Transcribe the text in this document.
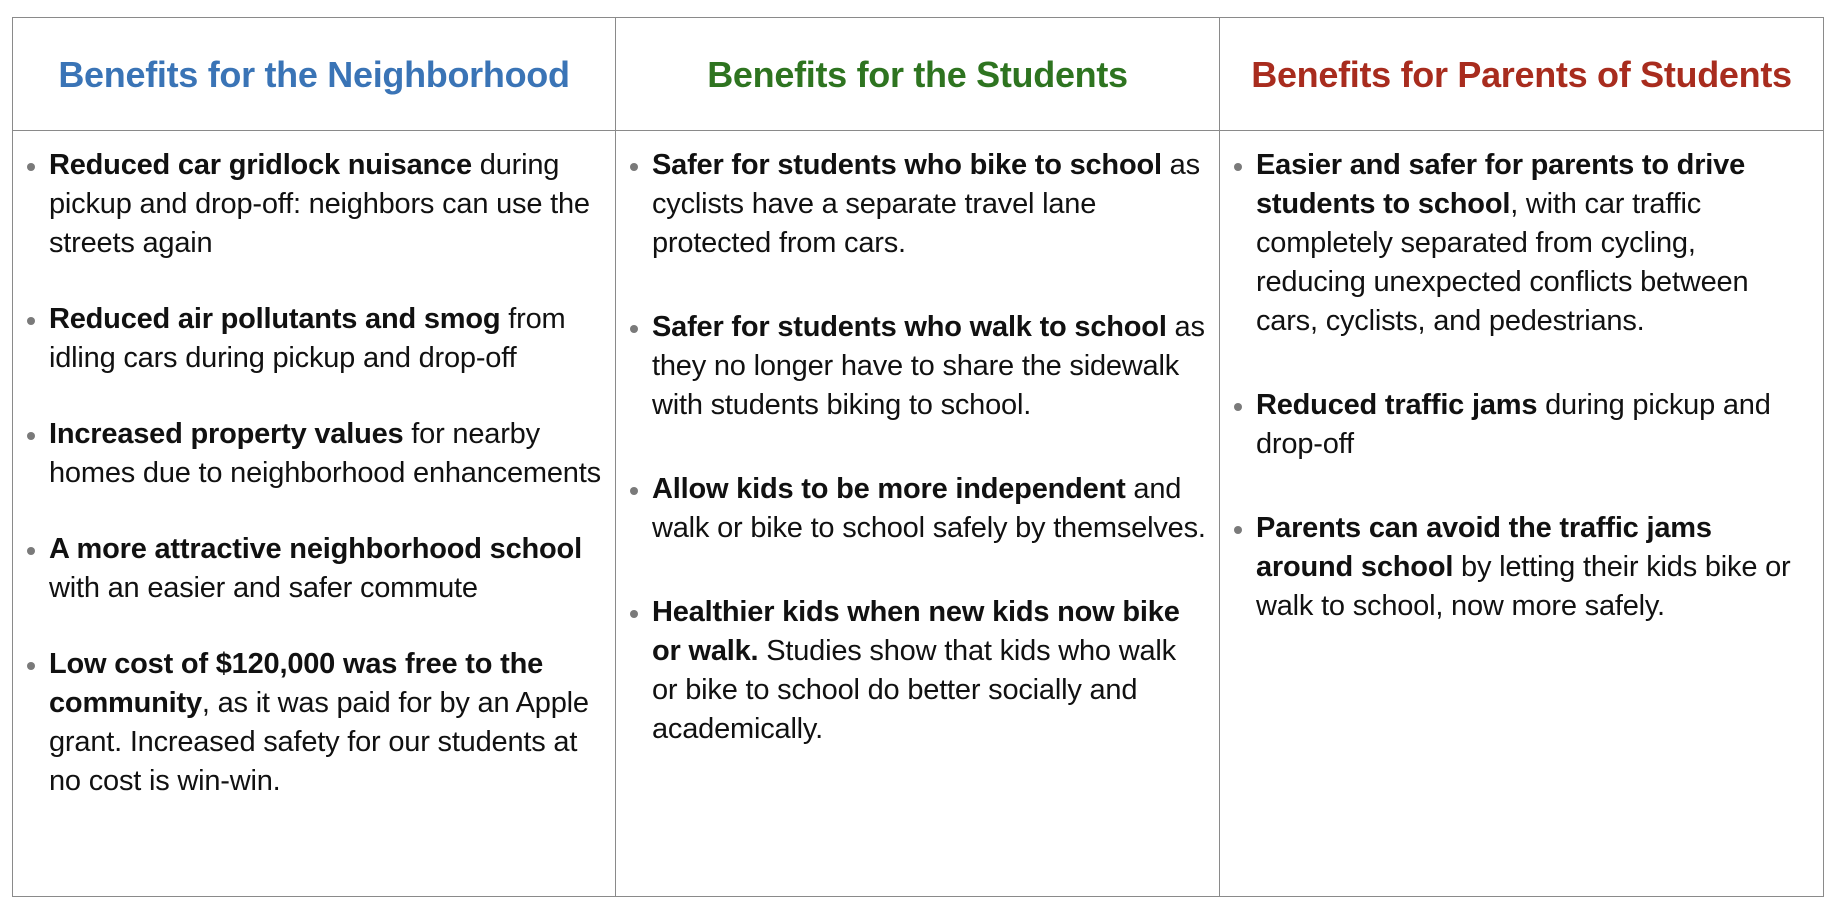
Benefits for the Neighborhood	Benefits for the Students	Benefits for Parents of Students
Reduced car gridlock nuisance during pickup and drop-off: neighbors can use the streets again
Reduced air pollutants and smog from idling cars during pickup and drop-off
Increased property values for nearby homes due to neighborhood enhancements
A more attractive neighborhood school with an easier and safer commute
Low cost of $120,000 was free to the community, as it was paid for by an Apple grant. Increased safety for our students at no cost is win-win.
Safer for students who bike to school as cyclists have a separate travel lane protected from cars.
Safer for students who walk to school as they no longer have to share the sidewalk with students biking to school.
Allow kids to be more independent and walk or bike to school safely by themselves.
Healthier kids when new kids now bike or walk. Studies show that kids who walk or bike to school do better socially and academically.
Easier and safer for parents to drive students to school, with car traffic completely separated from cycling, reducing unexpected conflicts between cars, cyclists, and pedestrians.
Reduced traffic jams during pickup and drop-off
Parents can avoid the traffic jams around school by letting their kids bike or walk to school, now more safely.
